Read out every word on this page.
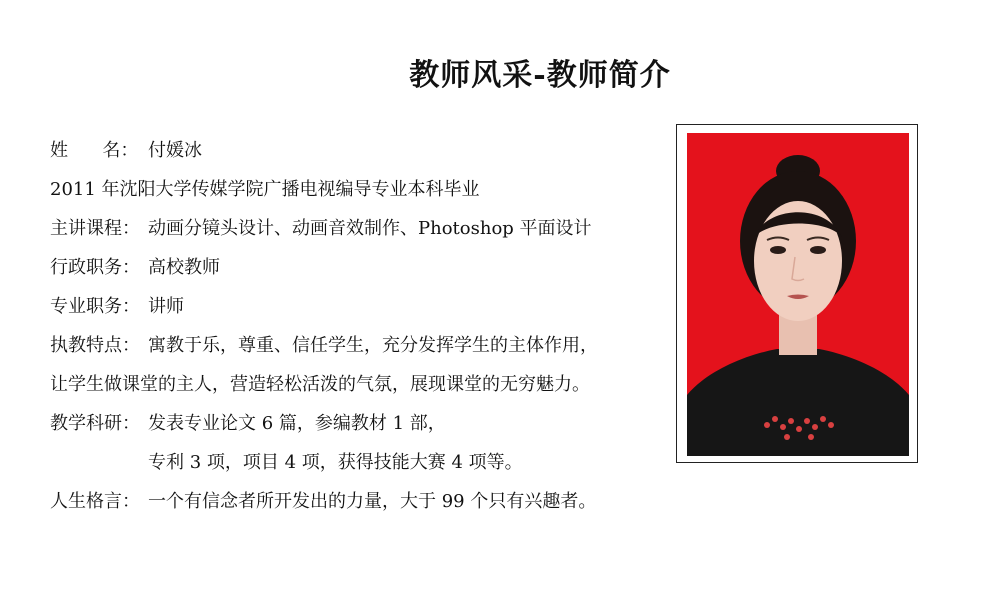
教师风采-教师简介
姓      名： 付媛冰
2011 年沈阳大学传媒学院广播电视编导专业本科毕业
主讲课程： 动画分镜头设计、动画音效制作、Photoshop 平面设计
行政职务： 高校教师
专业职务： 讲师
执教特点： 寓教于乐，尊重、信任学生，充分发挥学生的主体作用，
让学生做课堂的主人，营造轻松活泼的气氛，展现课堂的无穷魅力。
教学科研： 发表专业论文 6 篇，参编教材 1 部，
专利 3 项，项目 4 项，获得技能大赛 4 项等。
人生格言： 一个有信念者所开发出的力量，大于 99 个只有兴趣者。
